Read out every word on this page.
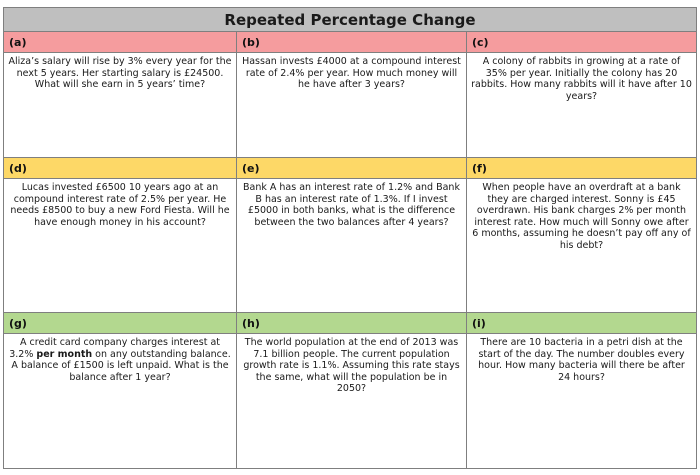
Repeated Percentage Change
(a)
Aliza’s salary will rise by 3% every year for the next 5 years. Her starting salary is £24500. What will she earn in 5 years’ time?
(b)
Hassan invests £4000 at a compound interest rate of 2.4% per year. How much money will he have after 3 years?
(c)
A colony of rabbits in growing at a rate of 35% per year. Initially the colony has 20 rabbits. How many rabbits will it have after 10 years?
(d)
Lucas invested £6500 10 years ago at an compound interest rate of 2.5% per year. He needs £8500 to buy a new Ford Fiesta. Will he have enough money in his account?
(e)
Bank A has an interest rate of 1.2% and Bank B has an interest rate of 1.3%. If I invest £5000 in both banks, what is the difference between the two balances after 4 years?
(f)
When people have an overdraft at a bank they are charged interest. Sonny is £45 overdrawn. His bank charges 2% per month interest rate. How much will Sonny owe after 6 months, assuming he doesn’t pay off any of his debt?
(g)
A credit card company charges interest at 3.2% per month on any outstanding balance. A balance of £1500 is left unpaid. What is the balance after 1 year?
(h)
The world population at the end of 2013 was 7.1 billion people. The current population growth rate is 1.1%. Assuming this rate stays the same, what will the population be in 2050?
(i)
There are 10 bacteria in a petri dish at the start of the day. The number doubles every hour. How many bacteria will there be after 24 hours?
